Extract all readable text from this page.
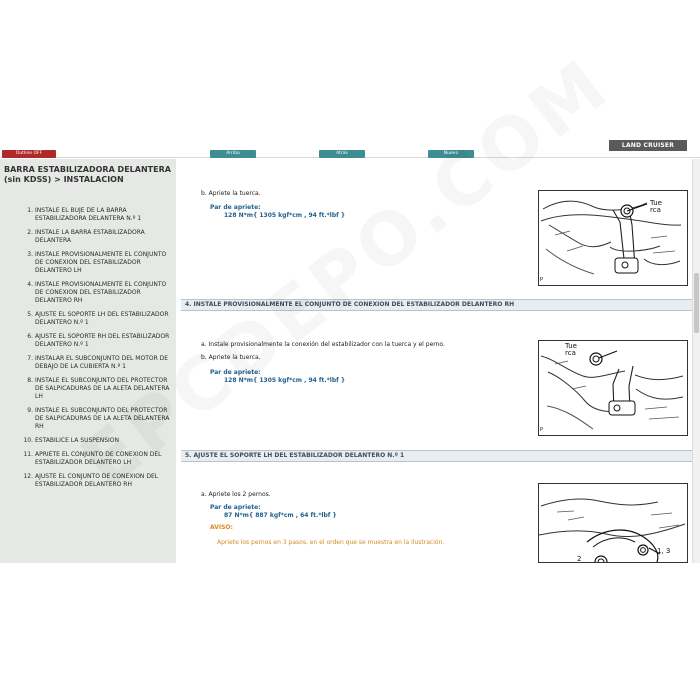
Outline OFF	Arriba	Atrás	Nuevo
LAND CRUISER
BARRA ESTABILIZADORA DELANTERA (sin KDSS) > INSTALACION
1. INSTALE EL BUJE DE LA BARRA ESTABILIZADORA DELANTERA N.º 1
2. INSTALE LA BARRA ESTABILIZADORA DELANTERA
3. INSTALE PROVISIONALMENTE EL CONJUNTO DE CONEXION DEL ESTABILIZADOR DELANTERO LH
4. INSTALE PROVISIONALMENTE EL CONJUNTO DE CONEXION DEL ESTABILIZADOR DELANTERO RH
5. AJUSTE EL SOPORTE LH DEL ESTABILIZADOR DELANTERO N.º 1
6. AJUSTE EL SOPORTE RH DEL ESTABILIZADOR DELANTERO N.º 1
7. INSTALAR EL SUBCONJUNTO DEL MOTOR DE DEBAJO DE LA CUBIERTA N.º 1
8. INSTALE EL SUBCONJUNTO DEL PROTECTOR DE SALPICADURAS DE LA ALETA DELANTERA LH
9. INSTALE EL SUBCONJUNTO DEL PROTECTOR DE SALPICADURAS DE LA ALETA DELANTERA RH
10. ESTABILICE LA SUSPENSION
11. APRIETE EL CONJUNTO DE CONEXION DEL ESTABILIZADOR DELANTERO LH
12. AJUSTE EL CONJUNTO DE CONEXION DEL ESTABILIZADOR DELANTERO RH
b. Apriete la tuerca.
Par de apriete:
128 N*m{ 1305 kgf*cm , 94 ft.*lbf }
Tue
rca
P
4. INSTALE PROVISIONALMENTE EL CONJUNTO DE CONEXION DEL ESTABILIZADOR DELANTERO RH
a. Instale provisionalmente la conexión del estabilizador con la tuerca y el perno.
b. Apriete la tuerca.
Par de apriete:
128 N*m{ 1305 kgf*cm , 94 ft.*lbf }
Tue
rca
P
5. AJUSTE EL SOPORTE LH DEL ESTABILIZADOR DELANTERO N.º 1
a. Apriete los 2 pernos.
Par de apriete:
87 N*m{ 887 kgf*cm , 64 ft.*lbf }
AVISO:
Apriete los pernos en 3 pasos, en el orden que se muestra en la ilustración.
1, 3
2
